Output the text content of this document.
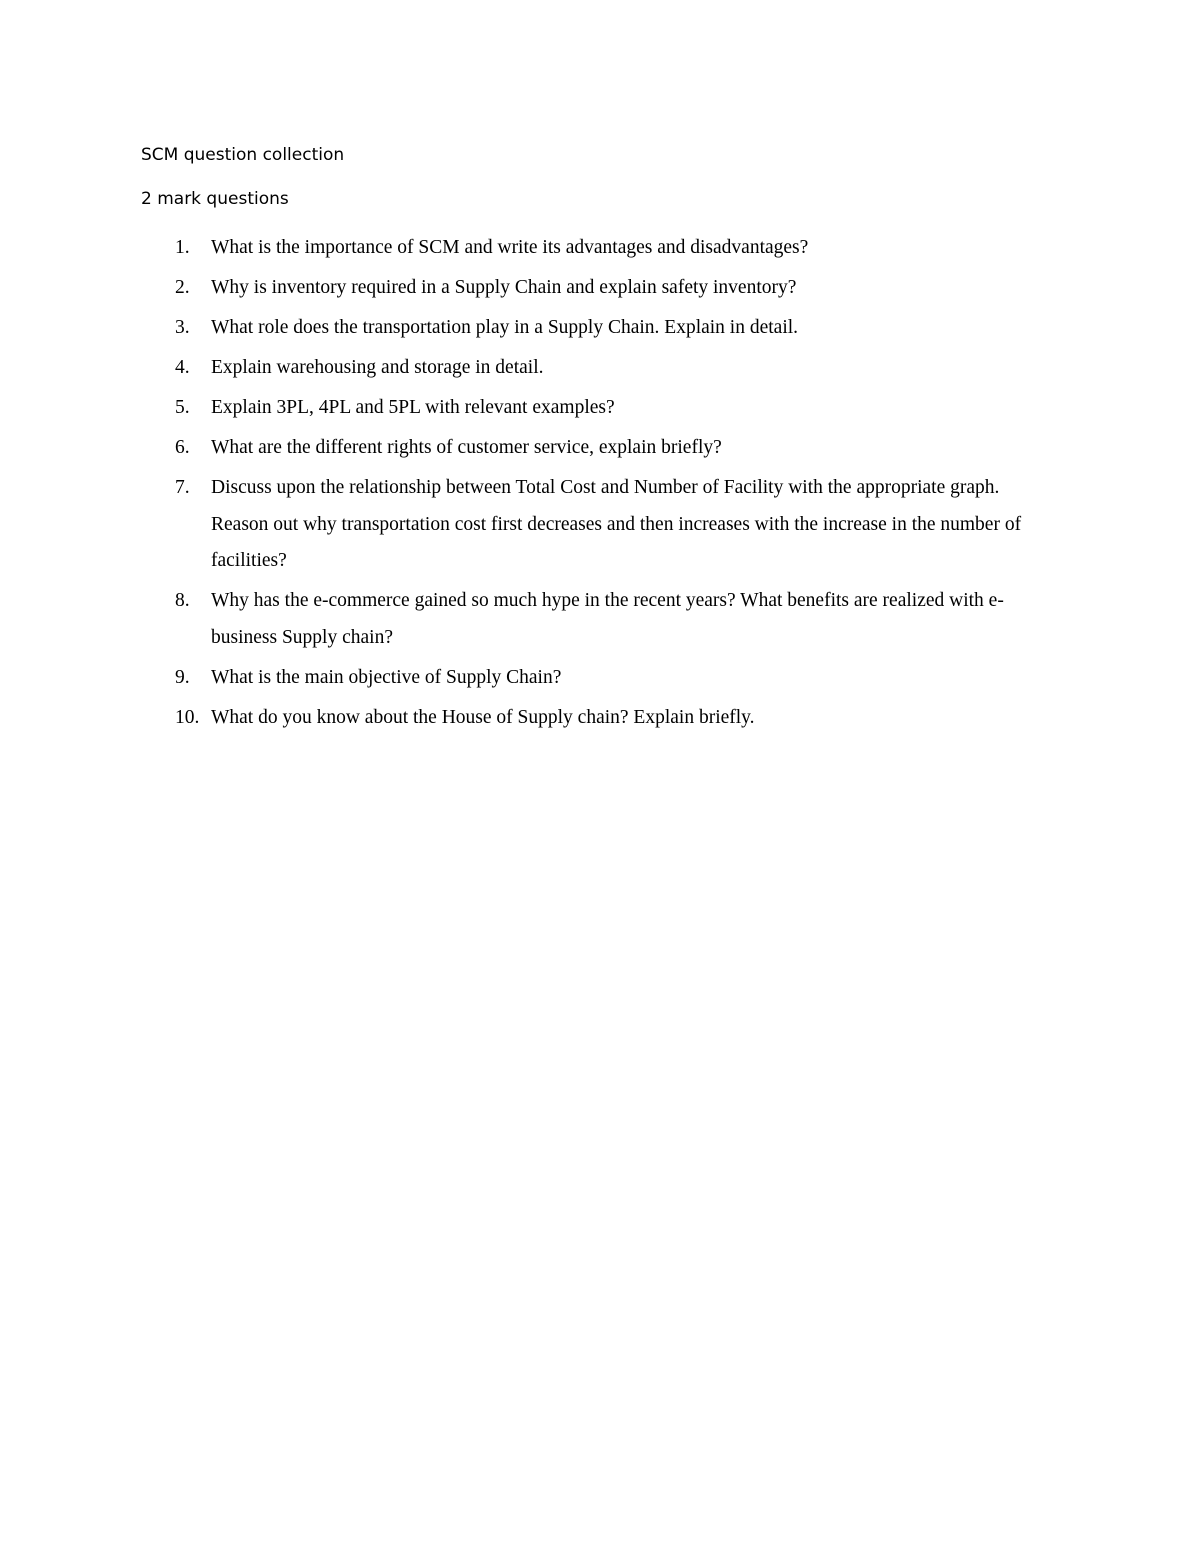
SCM question collection

2 mark questions

1.	What is the importance of SCM and write its advantages and disadvantages?
2.	Why is inventory required in a Supply Chain and explain safety inventory?
3.	What role does the transportation play in a Supply Chain. Explain in detail.
4.	Explain warehousing and storage in detail.
5.	Explain 3PL, 4PL and 5PL with relevant examples?
6.	What are the different rights of customer service, explain briefly?
7.	Discuss upon the relationship between Total Cost and Number of Facility with the appropriate graph. Reason out why transportation cost first decreases and then increases with the increase in the number of facilities?
8.	Why has the e-commerce gained so much hype in the recent years? What benefits are realized with e-business Supply chain?
9.	What is the main objective of Supply Chain?
10. What do you know about the House of Supply chain? Explain briefly.
